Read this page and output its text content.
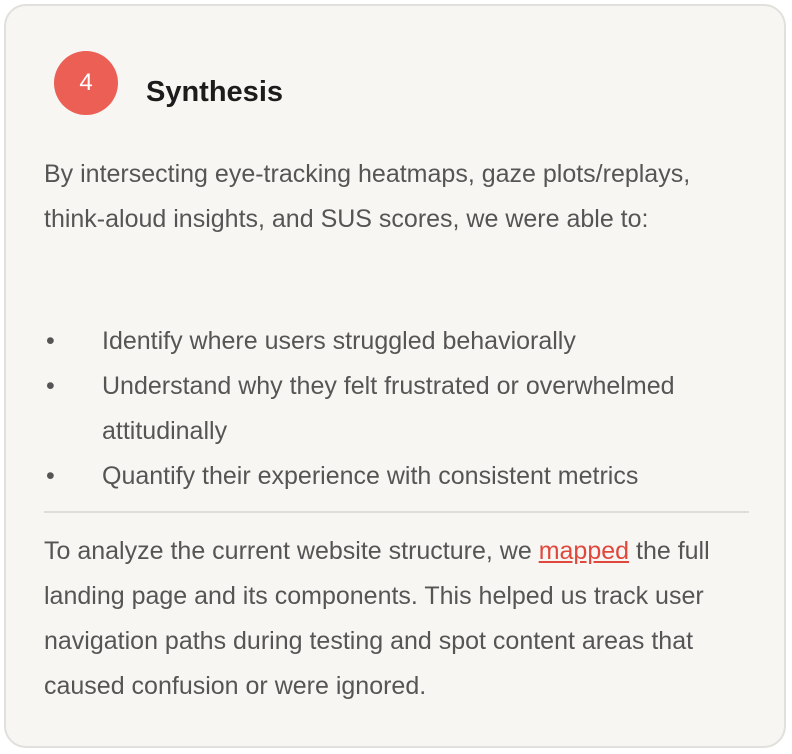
4	Synthesis

By intersecting eye-tracking heatmaps, gaze plots/replays, think-aloud insights, and SUS scores, we were able to:

• Identify where users struggled behaviorally
• Understand why they felt frustrated or overwhelmed attitudinally
• Quantify their experience with consistent metrics

To analyze the current website structure, we mapped the full landing page and its components. This helped us track user navigation paths during testing and spot content areas that caused confusion or were ignored.
